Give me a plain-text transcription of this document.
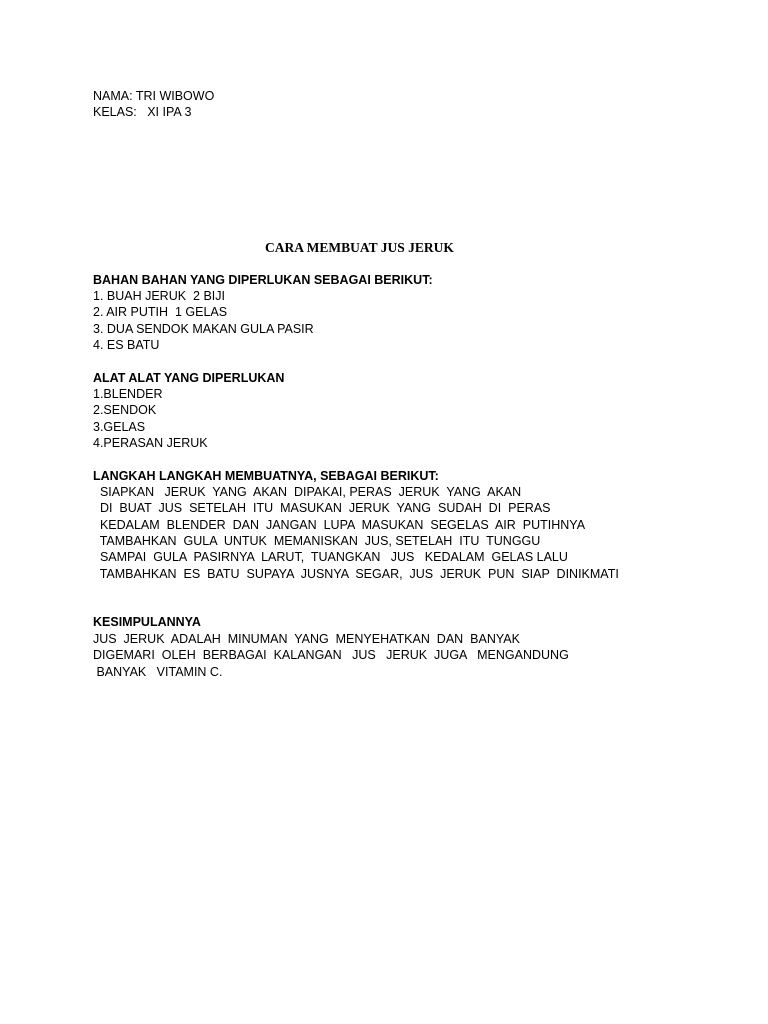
NAMA: TRI WIBOWO

KELAS:   XI IPA 3

CARA MEMBUAT JUS JERUK

BAHAN BAHAN YANG DIPERLUKAN SEBAGAI BERIKUT:

1. BUAH JERUK  2 BIJI

2. AIR PUTIH  1 GELAS

3. DUA SENDOK MAKAN GULA PASIR

4. ES BATU

ALAT ALAT YANG DIPERLUKAN

1.BLENDER

2.SENDOK

3.GELAS

4.PERASAN JERUK

LANGKAH LANGKAH MEMBUATNYA, SEBAGAI BERIKUT:

SIAPKAN   JERUK  YANG  AKAN  DIPAKAI, PERAS  JERUK  YANG  AKAN

DI  BUAT  JUS  SETELAH  ITU  MASUKAN  JERUK  YANG  SUDAH  DI  PERAS

KEDALAM  BLENDER  DAN  JANGAN  LUPA  MASUKAN  SEGELAS  AIR  PUTIHNYA

TAMBAHKAN  GULA  UNTUK  MEMANISKAN  JUS, SETELAH  ITU  TUNGGU

SAMPAI  GULA  PASIRNYA  LARUT,  TUANGKAN   JUS   KEDALAM  GELAS LALU

TAMBAHKAN  ES  BATU  SUPAYA  JUSNYA  SEGAR,  JUS  JERUK  PUN  SIAP  DINIKMATI

KESIMPULANNYA

JUS  JERUK  ADALAH  MINUMAN  YANG  MENYEHATKAN  DAN  BANYAK

DIGEMARI  OLEH  BERBAGAI  KALANGAN   JUS   JERUK  JUGA   MENGANDUNG

BANYAK   VITAMIN C.
